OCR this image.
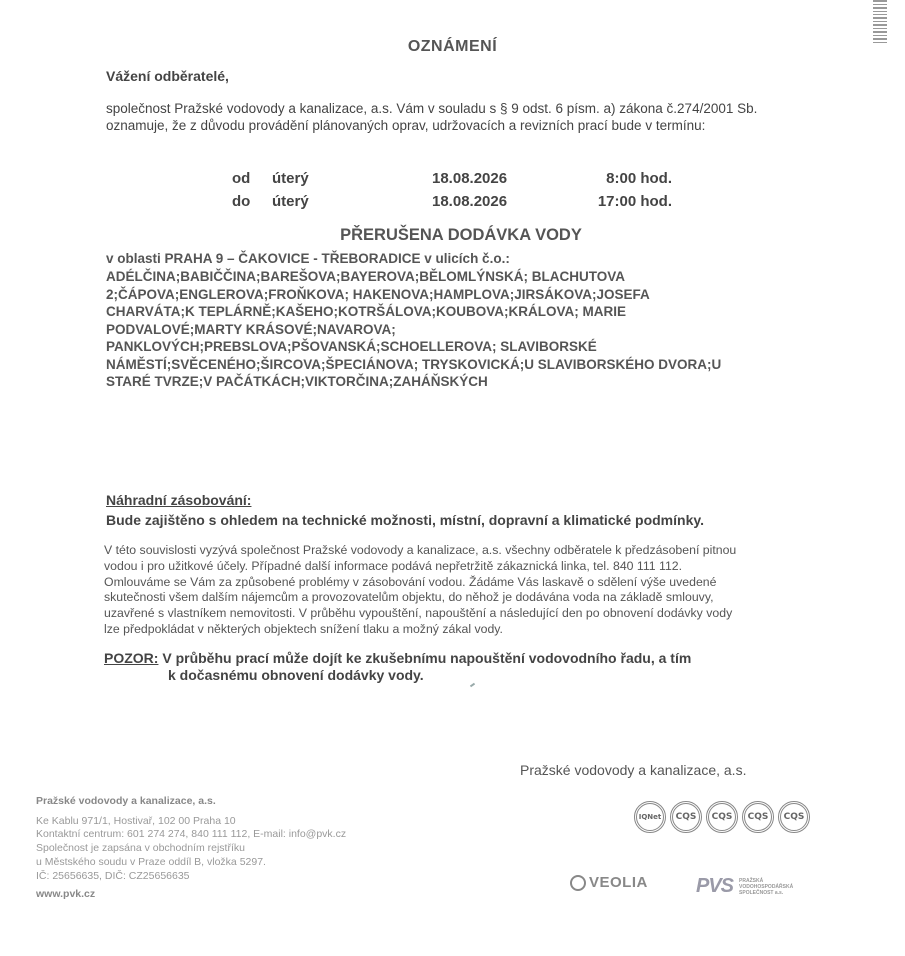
OZNÁMENÍ
Vážení odběratelé,
společnost Pražské vodovody a kanalizace, a.s. Vám v souladu s § 9 odst. 6 písm. a) zákona č.274/2001 Sb. oznamuje, že z důvodu provádění plánovaných oprav, udržovacích a revizních prací bude v termínu:
od úterý	18.08.2026	8:00 hod.
do úterý	18.08.2026	17:00 hod.
PŘERUŠENA DODÁVKA VODY
v oblasti PRAHA 9 – ČAKOVICE - TŘEBORADICE v ulicích č.o.:
ADÉLČINA;BABIČČINA;BAREŠOVA;BAYEROVA;BĚLOMLÝNSKÁ; BLACHUTOVA
2;ČÁPOVA;ENGLEROVA;FROŇKOVA; HAKENOVA;HAMPLOVA;JIRSÁKOVA;JOSEFA
CHARVÁTA;K TEPLÁRNĚ;KAŠEHO;KOTRŠÁLOVA;KOUBOVA;KRÁLOVA; MARIE
PODVALOVÉ;MARTY KRÁSOVÉ;NAVAROVA;
PANKLOVÝCH;PREBSLOVA;PŠOVANSKÁ;SCHOELLEROVA; SLAVIBORSKÉ
NÁMĚSTÍ;SVĚCENÉHO;ŠIRCOVA;ŠPECIÁNOVA; TRYSKOVICKÁ;U SLAVIBORSKÉHO DVORA;U
STARÉ TVRZE;V PAČÁTKÁCH;VIKTORČINA;ZAHÁŇSKÝCH
Náhradní zásobování:
Bude zajištěno s ohledem na technické možnosti, místní, dopravní a klimatické podmínky.
V této souvislosti vyzývá společnost Pražské vodovody a kanalizace, a.s. všechny odběratele k předzásobení pitnou
vodou i pro užitkové účely. Případné další informace podává nepřetržitě zákaznická linka, tel. 840 111 112.
Omlouváme se Vám za způsobené problémy v zásobování vodou. Žádáme Vás laskavě o sdělení výše uvedené
skutečnosti všem dalším nájemcům a provozovatelům objektu, do něhož je dodávána voda na základě smlouvy,
uzavřené s vlastníkem nemovitosti. V průběhu vypouštění, napouštění a následující den po obnovení dodávky vody
lze předpokládat v některých objektech snížení tlaku a možný zákal vody.
POZOR: V průběhu prací může dojít ke zkušebnímu napouštění vodovodního řadu, a tím
k dočasnému obnovení dodávky vody.
Pražské vodovody a kanalizace, a.s.
Pražské vodovody a kanalizace, a.s.
Ke Kablu 971/1, Hostivař, 102 00 Praha 10
Kontaktní centrum: 601 274 274, 840 111 112, E-mail: info@pvk.cz
Společnost je zapsána v obchodním rejstříku
u Městského soudu v Praze oddíl B, vložka 5297.
IČ: 25656635, DIČ: CZ25656635
www.pvk.cz
IQNet	CQS	CQS	CQS	CQS
VEOLIA PVS PRAŽSKÁ
VODOHOSPODÁŘSKÁ
SPOLEČNOST a.s.
